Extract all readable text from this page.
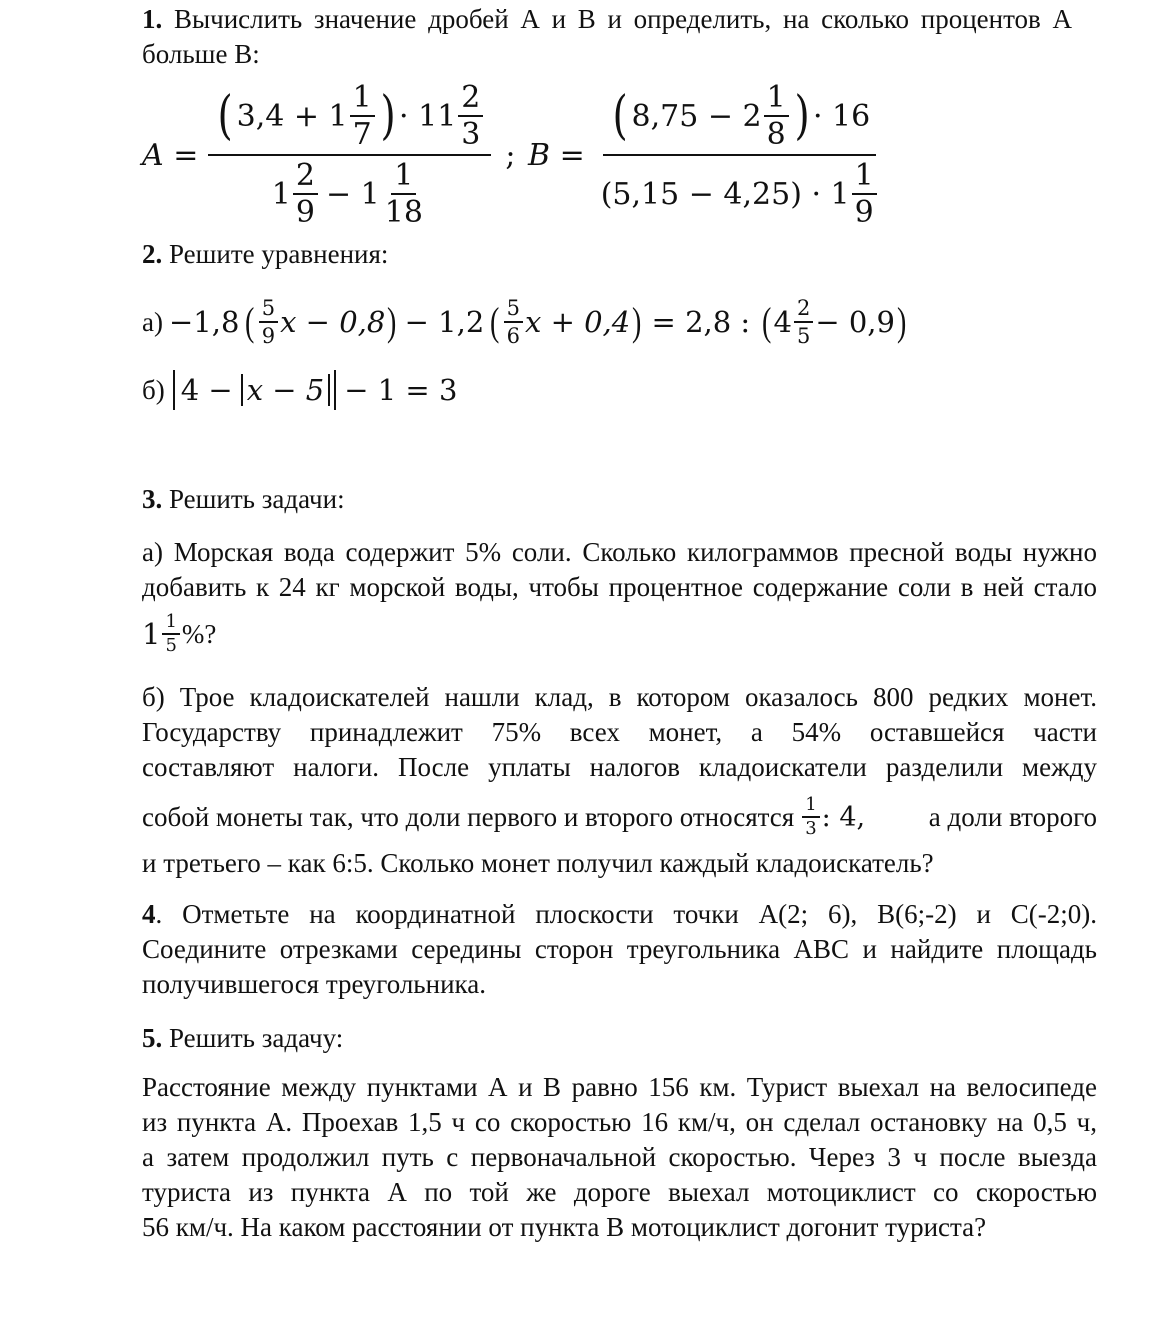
1. Вычислить значение дробей А и В и определить, на сколько процентов А
больше В:
A =
( $3,4 + 1 \frac{1}{7}$ ) · $11 \frac{2}{3}$
$1 \frac{2}{9} - 1 \frac{1}{18}$
; $B = \frac{( 8,75 - 2 \frac{1}{8} ) \cdot 16}{(5,15 - 4,25) \cdot 1 \frac{1}{9}}$
2. Решите уравнения:
а) −1,8 ( $\frac{5}{9}$ x − 0,8 ) − 1,2 ( $\frac{5}{6}$ x + 0,4 ) = 2,8 : ( $4 \frac{2}{5} - 0,9$ )
б) 4 − x − 5 − 1 = 3
3. Решить задачи:
а) Морская вода содержит 5% соли. Сколько килограммов пресной воды нужно
добавить к 24 кг морской воды, чтобы процентное содержание соли в ней стало
$1 \frac{1}{5}$ %?
б) Трое кладоискателей нашли клад, в котором оказалось 800 редких монет.
Государству принадлежит 75% всех монет, а 54% оставшейся части
составляют налоги. После уплаты налогов кладоискатели разделили между
собой монеты так, что доли первого и второго относятся $\frac{1}{3}$ : 4, а доли второго
и третьего – как 6:5. Сколько монет получил каждый кладоискатель?
4. Отметьте на координатной плоскости точки A(2; 6), B(6;-2) и C(-2;0).
Соедините отрезками середины сторон треугольника ABC и найдите площадь
получившегося треугольника.
5. Решить задачу:
Расстояние между пунктами А и В равно 156 км. Турист выехал на велосипеде
из пункта А. Проехав 1,5 ч со скоростью 16 км/ч, он сделал остановку на 0,5 ч,
а затем продолжил путь с первоначальной скоростью. Через 3 ч после выезда
туриста из пункта А по той же дороге выехал мотоциклист со скоростью
56 км/ч. На каком расстоянии от пункта В мотоциклист догонит туриста?
